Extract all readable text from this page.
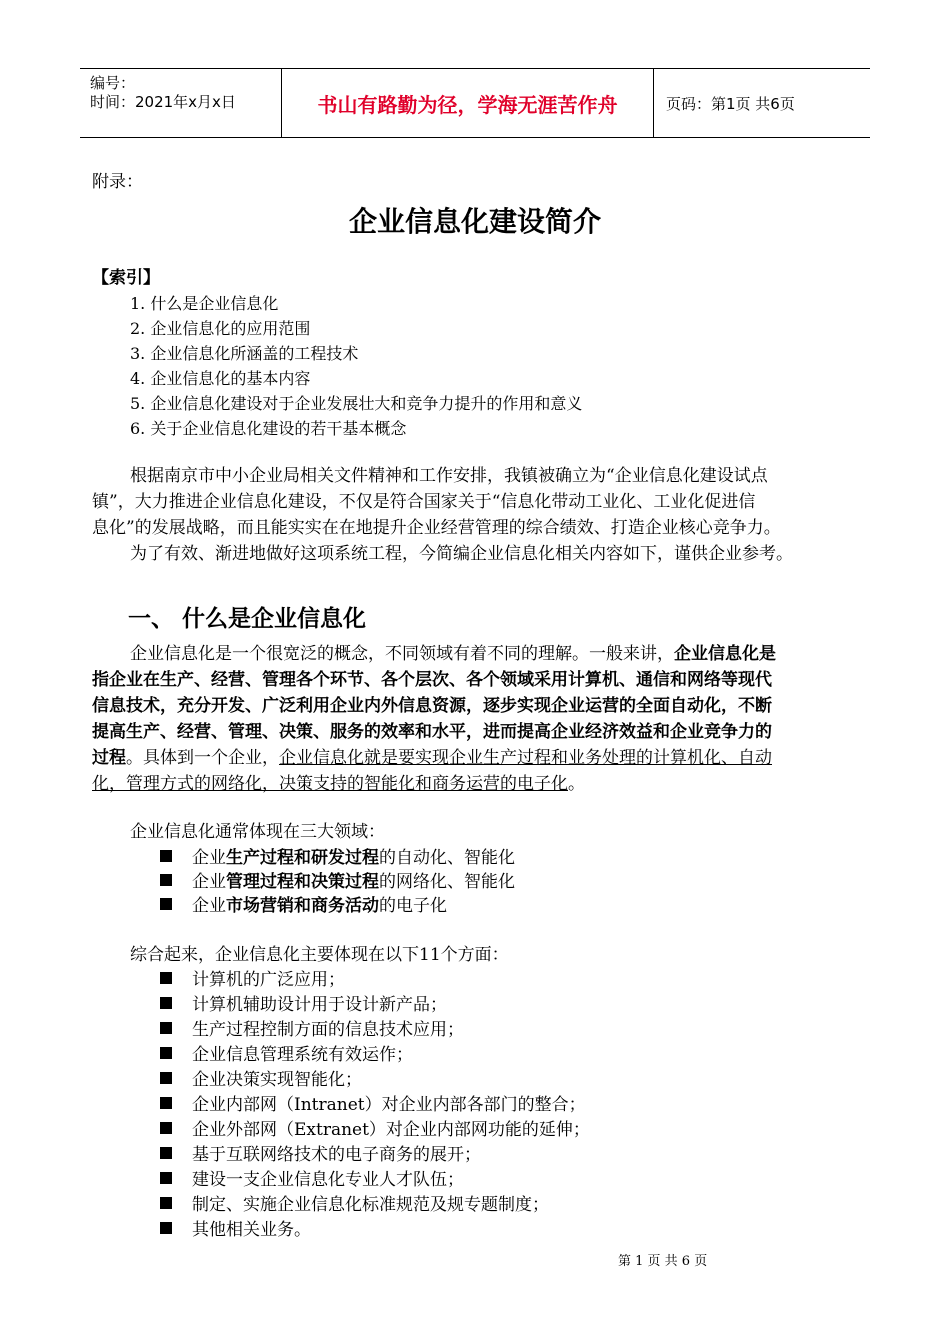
编号：
时间：2021年x月x日	书山有路勤为径，学海无涯苦作舟	页码：第1页 共6页
附录：
企业信息化建设简介
【索引】
1. 什么是企业信息化
2. 企业信息化的应用范围
3. 企业信息化所涵盖的工程技术
4. 企业信息化的基本内容
5. 企业信息化建设对于企业发展壮大和竞争力提升的作用和意义
6. 关于企业信息化建设的若干基本概念
根据南京市中小企业局相关文件精神和工作安排，我镇被确立为“企业信息化建设试点
镇”，大力推进企业信息化建设，不仅是符合国家关于“信息化带动工业化、工业化促进信
息化”的发展战略，而且能实实在在地提升企业经营管理的综合绩效、打造企业核心竞争力。
为了有效、渐进地做好这项系统工程，今简编企业信息化相关内容如下，谨供企业参考。
一、 什么是企业信息化
企业信息化是一个很宽泛的概念，不同领域有着不同的理解。一般来讲，企业信息化是
指企业在生产、经营、管理各个环节、各个层次、各个领域采用计算机、通信和网络等现代
信息技术，充分开发、广泛利用企业内外信息资源，逐步实现企业运营的全面自动化，不断
提高生产、经营、管理、决策、服务的效率和水平，进而提高企业经济效益和企业竞争力的
过程。具体到一个企业，企业信息化就是要实现企业生产过程和业务处理的计算机化、自动
化，管理方式的网络化，决策支持的智能化和商务运营的电子化。
企业信息化通常体现在三大领域：
企业生产过程和研发过程的自动化、智能化
企业管理过程和决策过程的网络化、智能化
企业市场营销和商务活动的电子化
综合起来，企业信息化主要体现在以下11个方面：
计算机的广泛应用；
计算机辅助设计用于设计新产品；
生产过程控制方面的信息技术应用；
企业信息管理系统有效运作；
企业决策实现智能化；
企业内部网（Intranet）对企业内部各部门的整合；
企业外部网（Extranet）对企业内部网功能的延伸；
基于互联网络技术的电子商务的展开；
建设一支企业信息化专业人才队伍；
制定、实施企业信息化标准规范及规专题制度；
其他相关业务。
第 1 页 共 6 页
